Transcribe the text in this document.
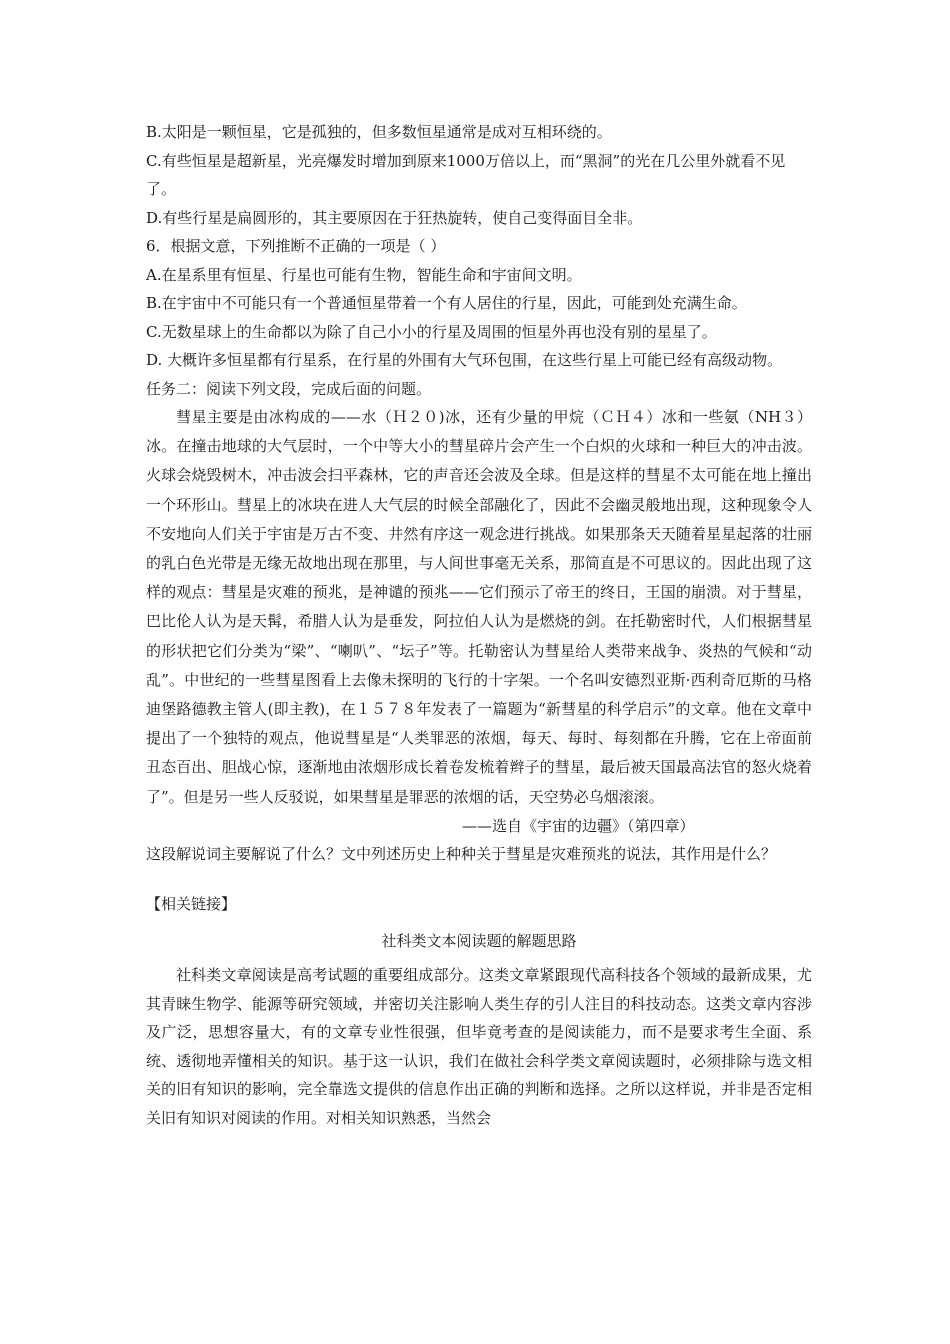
B.太阳是一颗恒星，它是孤独的，但多数恒星通常是成对互相环绕的。

C.有些恒星是超新星，光亮爆发时增加到原来1000万倍以上，而“黑洞”的光在几公里外就看不见了。

D.有些行星是扁圆形的，其主要原因在于狂热旋转，使自己变得面目全非。

6．根据文意，下列推断不正确的一项是（ ）

A.在星系里有恒星、行星也可能有生物，智能生命和宇宙间文明。

B.在宇宙中不可能只有一个普通恒星带着一个有人居住的行星，因此，可能到处充满生命。

C.无数星球上的生命都以为除了自己小小的行星及周围的恒星外再也没有别的星星了。

D. 大概许多恒星都有行星系，在行星的外围有大气环包围，在这些行星上可能已经有高级动物。

任务二：阅读下列文段，完成后面的问题。

彗星主要是由冰构成的——水（Ｈ２０)冰，还有少量的甲烷（ＣＨ４）冰和一些氨（NH３）冰。在撞击地球的大气层时，一个中等大小的彗星碎片会产生一个白炽的火球和一种巨大的冲击波。火球会烧毁树木，冲击波会扫平森林，它的声音还会波及全球。但是这样的彗星不太可能在地上撞出一个环形山。彗星上的冰块在进人大气层的时候全部融化了，因此不会幽灵般地出现，这种现象令人不安地向人们关于宇宙是万古不变、井然有序这一观念进行挑战。如果那条天天随着星星起落的壮丽的乳白色光带是无缘无故地出现在那里，与人间世事毫无关系，那简直是不可思议的。因此出现了这样的观点：彗星是灾难的预兆，是神谴的预兆——它们预示了帝王的终日，王国的崩溃。对于彗星，巴比伦人认为是天髯，希腊人认为是垂发，阿拉伯人认为是燃烧的剑。在托勒密时代，人们根据彗星的形状把它们分类为“梁”、“喇叭”、“坛子”等。托勒密认为彗星给人类带来战争、炎热的气候和“动乱”。中世纪的一些彗星图看上去像未探明的飞行的十字架。一个名叫安德烈亚斯·西利奇厄斯的马格迪堡路德教主管人(即主教)，在１５７８年发表了一篇题为“新彗星的科学启示”的文章。他在文章中提出了一个独特的观点，他说彗星是“人类罪恶的浓烟，每天、每时、每刻都在升腾，它在上帝面前丑态百出、胆战心惊，逐渐地由浓烟形成长着卷发梳着辫子的彗星，最后被天国最高法官的怒火烧着了”。但是另一些人反驳说，如果彗星是罪恶的浓烟的话，天空势必乌烟滚滚。

——选自《宇宙的边疆》（第四章）

这段解说词主要解说了什么？文中列述历史上种种关于彗星是灾难预兆的说法，其作用是什么？

【相关链接】

社科类文本阅读题的解题思路

社科类文章阅读是高考试题的重要组成部分。这类文章紧跟现代高科技各个领域的最新成果，尤其青睐生物学、能源等研究领域，并密切关注影响人类生存的引人注目的科技动态。这类文章内容涉及广泛，思想容量大，有的文章专业性很强，但毕竟考查的是阅读能力，而不是要求考生全面、系统、透彻地弄懂相关的知识。基于这一认识，我们在做社会科学类文章阅读题时，必须排除与选文相关的旧有知识的影响，完全靠选文提供的信息作出正确的判断和选择。之所以这样说，并非是否定相关旧有知识对阅读的作用。对相关知识熟悉，当然会
